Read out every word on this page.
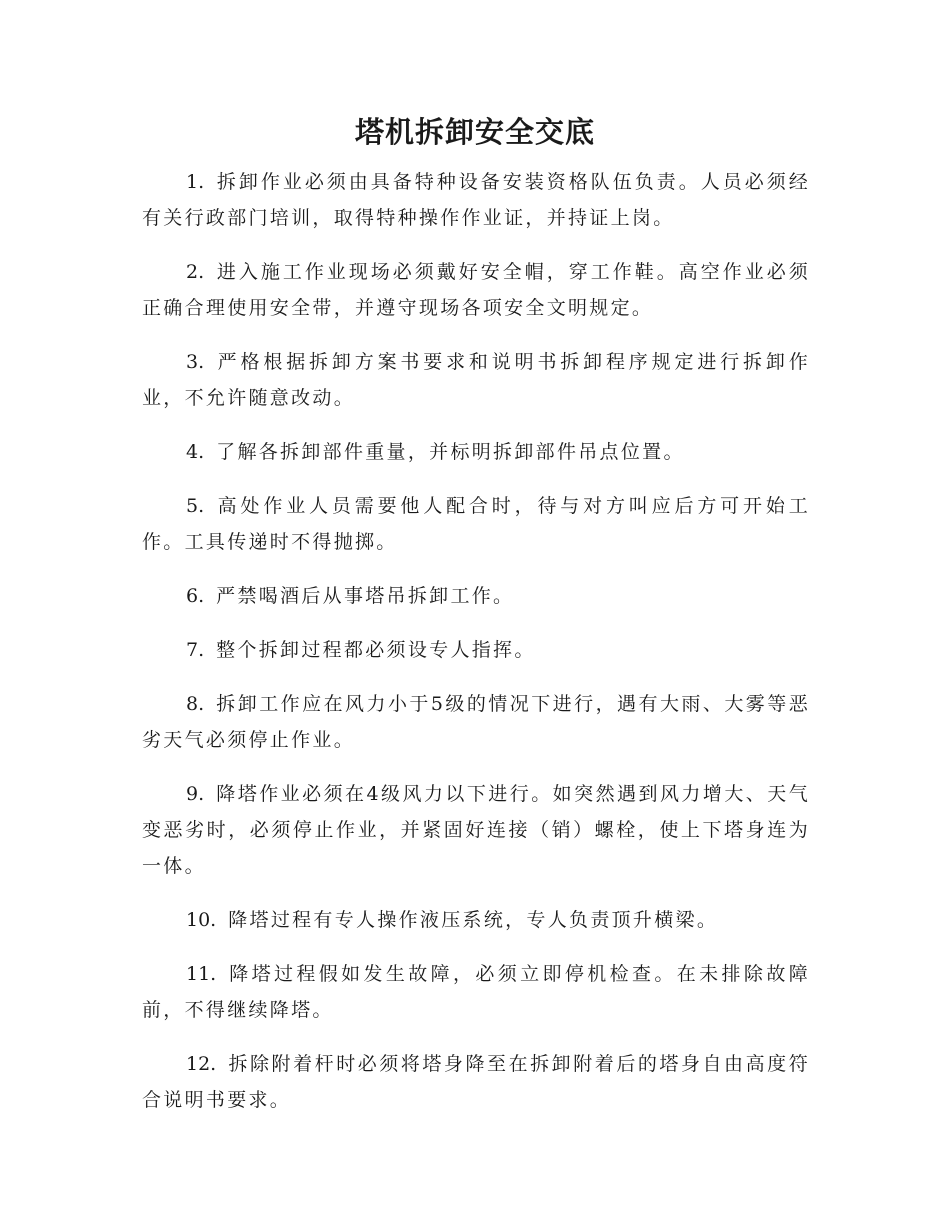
塔机拆卸安全交底

1. 拆卸作业必须由具备特种设备安装资格队伍负责。人员必须经有关行政部门培训，取得特种操作作业证，并持证上岗。

2. 进入施工作业现场必须戴好安全帽，穿工作鞋。高空作业必须正确合理使用安全带，并遵守现场各项安全文明规定。

3. 严格根据拆卸方案书要求和说明书拆卸程序规定进行拆卸作业，不允许随意改动。

4. 了解各拆卸部件重量，并标明拆卸部件吊点位置。

5. 高处作业人员需要他人配合时，待与对方叫应后方可开始工作。工具传递时不得抛掷。

6. 严禁喝酒后从事塔吊拆卸工作。

7. 整个拆卸过程都必须设专人指挥。

8. 拆卸工作应在风力小于5级的情况下进行，遇有大雨、大雾等恶劣天气必须停止作业。

9. 降塔作业必须在4级风力以下进行。如突然遇到风力增大、天气变恶劣时，必须停止作业，并紧固好连接（销）螺栓，使上下塔身连为一体。

10. 降塔过程有专人操作液压系统，专人负责顶升横梁。

11. 降塔过程假如发生故障，必须立即停机检查。在未排除故障前，不得继续降塔。

12. 拆除附着杆时必须将塔身降至在拆卸附着后的塔身自由高度符合说明书要求。
